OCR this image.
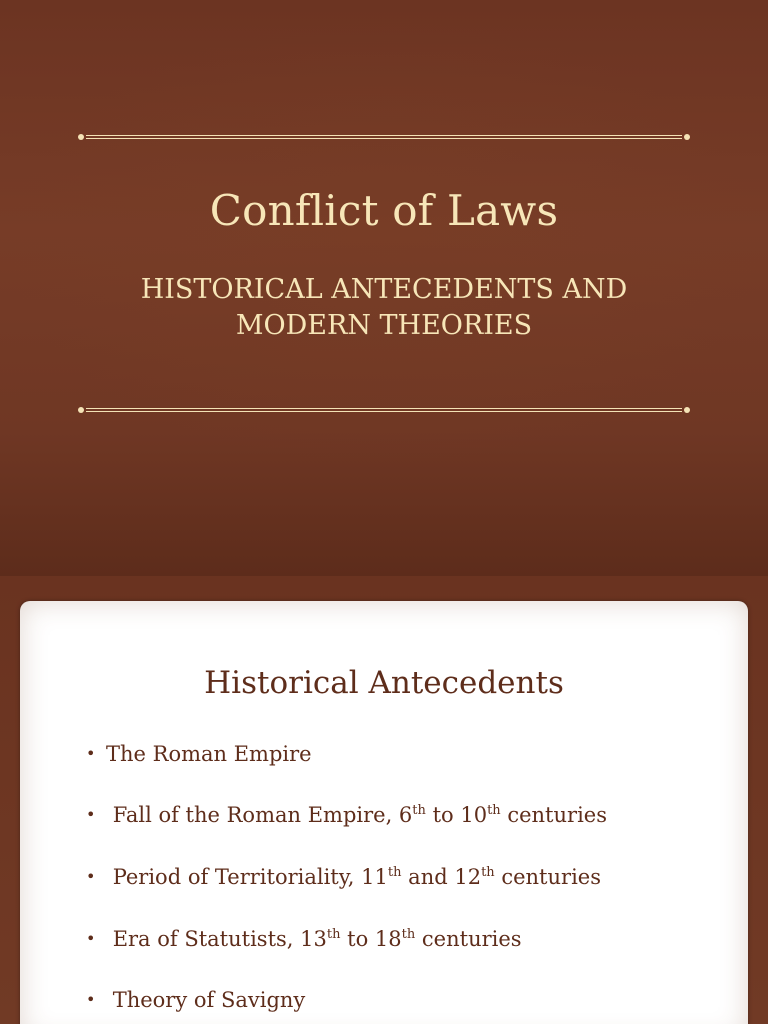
Conflict of Laws
HISTORICAL ANTECEDENTS AND
MODERN THEORIES
Historical Antecedents
• The Roman Empire
• Fall of the Roman Empire, 6th to 10th centuries
• Period of Territoriality, 11th and 12th centuries
• Era of Statutists, 13th to 18th centuries
• Theory of Savigny
